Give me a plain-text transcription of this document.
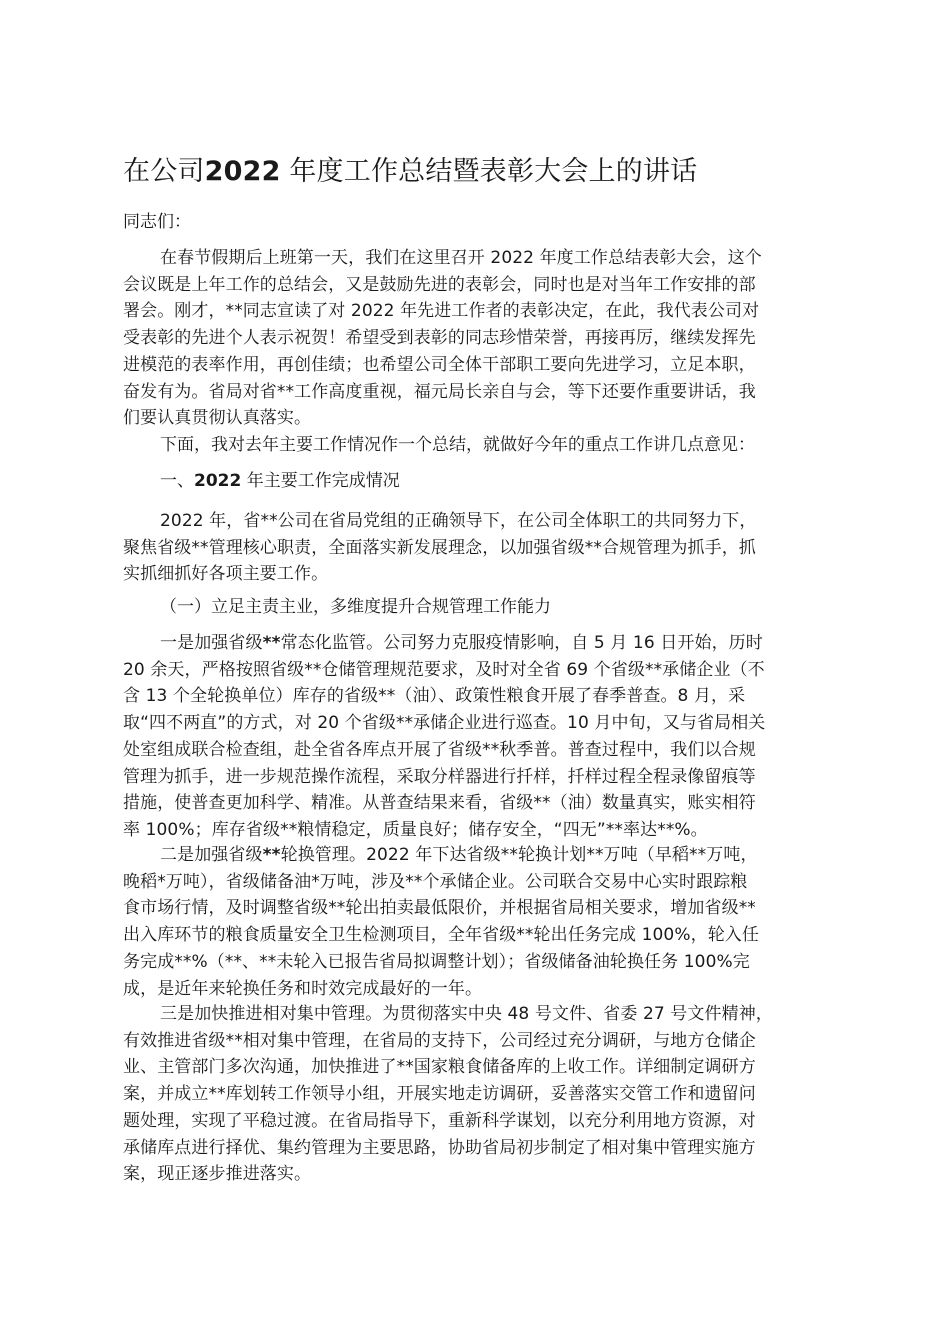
在公司2022 年度工作总结暨表彰大会上的讲话

同志们：

在春节假期后上班第一天，我们在这里召开 2022 年度工作总结表彰大会，这个
会议既是上年工作的总结会，又是鼓励先进的表彰会，同时也是对当年工作安排的部
署会。刚才，**同志宣读了对 2022 年先进工作者的表彰决定，在此，我代表公司对
受表彰的先进个人表示祝贺！希望受到表彰的同志珍惜荣誉，再接再厉，继续发挥先
进模范的表率作用，再创佳绩；也希望公司全体干部职工要向先进学习，立足本职，
奋发有为。省局对省**工作高度重视，福元局长亲自与会，等下还要作重要讲话，我
们要认真贯彻认真落实。

下面，我对去年主要工作情况作一个总结，就做好今年的重点工作讲几点意见：

一、2022 年主要工作完成情况

2022 年，省**公司在省局党组的正确领导下，在公司全体职工的共同努力下，
聚焦省级**管理核心职责，全面落实新发展理念，以加强省级**合规管理为抓手，抓
实抓细抓好各项主要工作。

（一）立足主责主业，多维度提升合规管理工作能力

一是加强省级**常态化监管。公司努力克服疫情影响，自 5 月 16 日开始，历时
20 余天，严格按照省级**仓储管理规范要求，及时对全省 69 个省级**承储企业（不
含 13 个全轮换单位）库存的省级**（油）、政策性粮食开展了春季普查。8 月，采
取“四不两直”的方式，对 20 个省级**承储企业进行巡查。10 月中旬，又与省局相关
处室组成联合检查组，赴全省各库点开展了省级**秋季普。普查过程中，我们以合规
管理为抓手，进一步规范操作流程，采取分样器进行扦样，扦样过程全程录像留痕等
措施，使普查更加科学、精准。从普查结果来看，省级**（油）数量真实，账实相符
率 100%；库存省级**粮情稳定，质量良好；储存安全，“四无”**率达**%。
二是加强省级**轮换管理。2022 年下达省级**轮换计划**万吨（早稻**万吨，
晚稻*万吨），省级储备油*万吨，涉及**个承储企业。公司联合交易中心实时跟踪粮
食市场行情，及时调整省级**轮出拍卖最低限价，并根据省局相关要求，增加省级**
出入库环节的粮食质量安全卫生检测项目，全年省级**轮出任务完成 100%，轮入任
务完成**%（**、**未轮入已报告省局拟调整计划）；省级储备油轮换任务 100%完
成，是近年来轮换任务和时效完成最好的一年。
三是加快推进相对集中管理。为贯彻落实中央 48 号文件、省委 27 号文件精神，
有效推进省级**相对集中管理，在省局的支持下，公司经过充分调研，与地方仓储企
业、主管部门多次沟通，加快推进了**国家粮食储备库的上收工作。详细制定调研方
案，并成立**库划转工作领导小组，开展实地走访调研，妥善落实交管工作和遗留问
题处理，实现了平稳过渡。在省局指导下，重新科学谋划，以充分利用地方资源，对
承储库点进行择优、集约管理为主要思路，协助省局初步制定了相对集中管理实施方
案，现正逐步推进落实。
